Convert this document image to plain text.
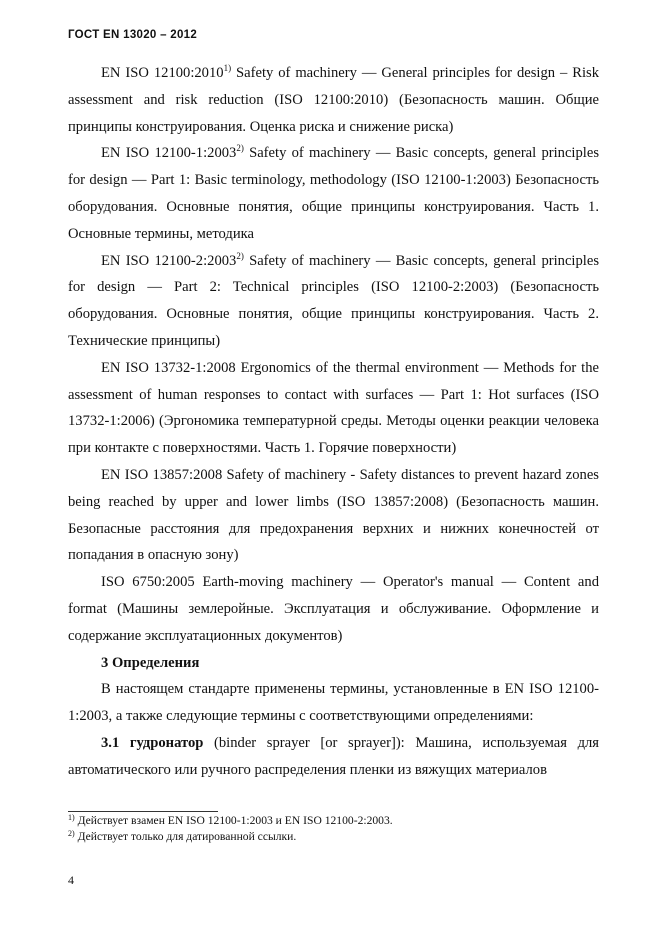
ГОСТ EN 13020 – 2012

EN ISO 12100:2010$^{1)}$ Safety of machinery — General principles for design – Risk assessment and risk reduction (ISO 12100:2010) (Безопасность машин. Общие принципы конструирования. Оценка риска и снижение риска)

EN ISO 12100-1:2003$^{2)}$ Safety of machinery — Basic concepts, general principles for design — Part 1: Basic terminology, methodology (ISO 12100-1:2003) Безопасность оборудования. Основные понятия, общие принципы конструирования. Часть 1. Основные термины, методика

EN ISO 12100-2:2003$^{2)}$ Safety of machinery — Basic concepts, general principles for design — Part 2: Technical principles (ISO 12100-2:2003) (Безопасность оборудования. Основные понятия, общие принципы конструирования. Часть 2. Технические принципы)

EN ISO 13732-1:2008 Ergonomics of the thermal environment — Methods for the assessment of human responses to contact with surfaces — Part 1: Hot surfaces (ISO 13732-1:2006) (Эргономика температурной среды. Методы оценки реакции человека при контакте с поверхностями. Часть 1. Горячие поверхности)

EN ISO 13857:2008 Safety of machinery - Safety distances to prevent hazard zones being reached by upper and lower limbs (ISO 13857:2008) (Безопасность машин. Безопасные расстояния для предохранения верхних и нижних конечностей от попадания в опасную зону)

ISO 6750:2005 Earth-moving machinery — Operator's manual — Content and format (Машины землеройные. Эксплуатация и обслуживание. Оформление и содержание эксплуатационных документов)

3 Определения

В настоящем стандарте применены термины, установленные в EN ISO 12100-1:2003, а также следующие термины с соответствующими определениями:

3.1 гудронатор (binder sprayer [or sprayer]): Машина, используемая для автоматического или ручного распределения пленки из вяжущих материалов

$^{1)}$ Действует взамен EN ISO 12100-1:2003 и EN ISO 12100-2:2003.

$^{2)}$ Действует только для датированной ссылки.

4
